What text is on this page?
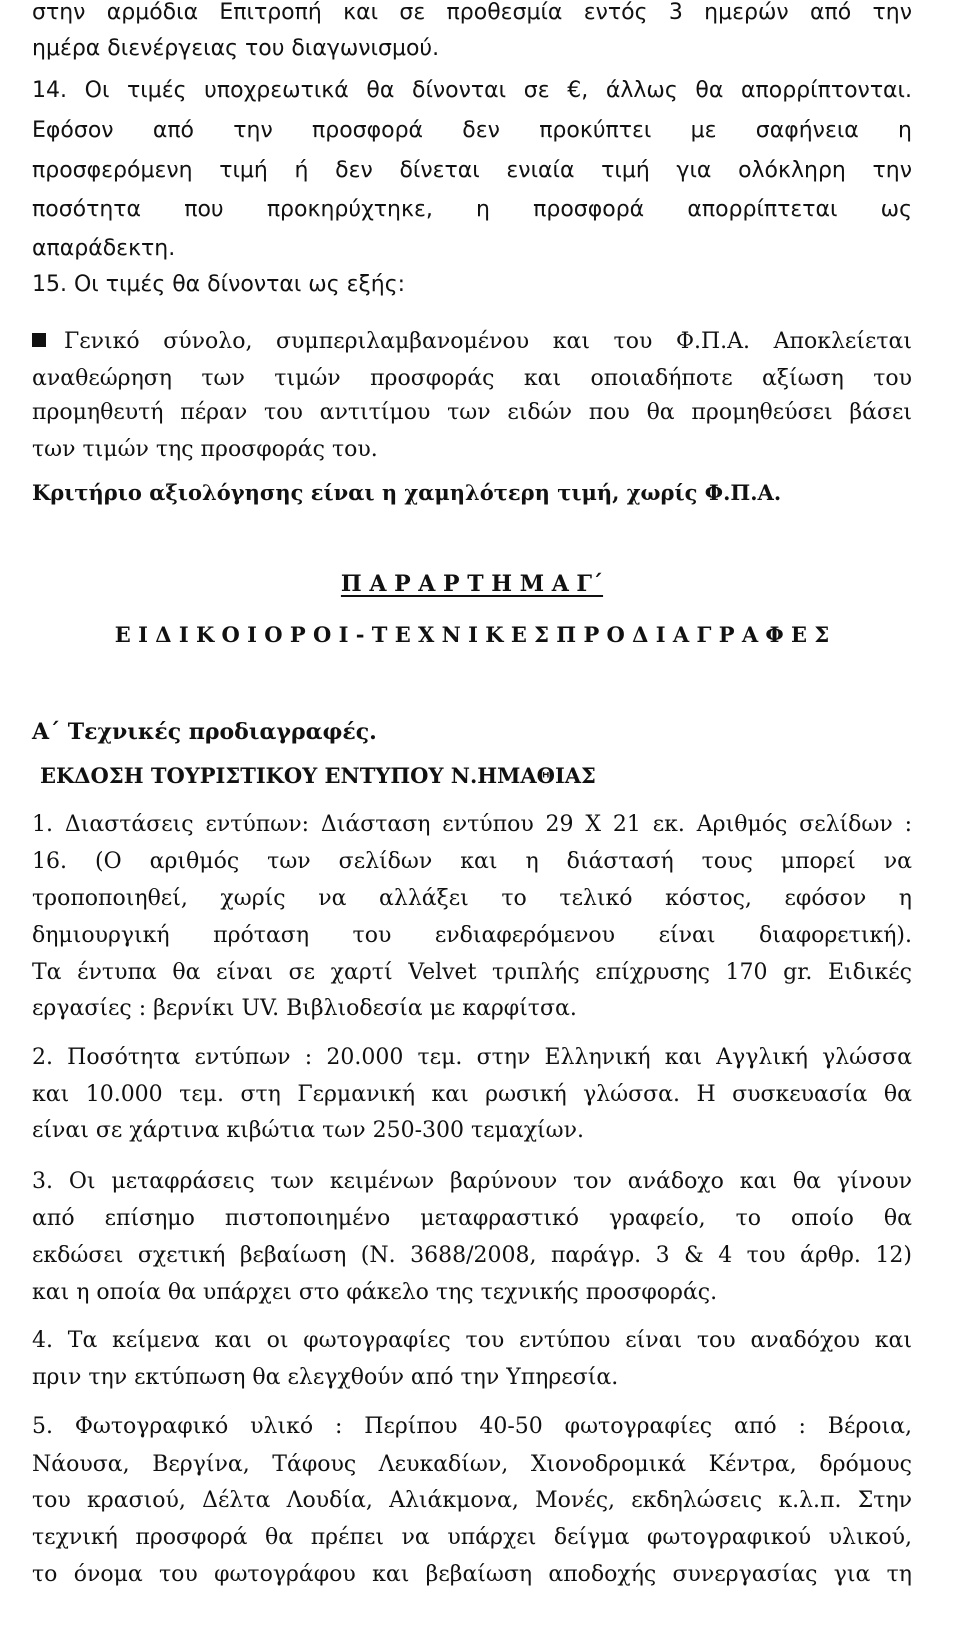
στην αρμόδια Επιτροπή και σε προθεσμία εντός 3 ημερών από την
ημέρα διενέργειας του διαγωνισμού.
14. Οι τιμές υποχρεωτικά θα δίνονται σε €, άλλως θα απορρίπτονται.
Εφόσον από την προσφορά δεν προκύπτει με σαφήνεια η
προσφερόμενη τιμή ή δεν δίνεται ενιαία τιμή για ολόκληρη την
ποσότητα που προκηρύχτηκε, η προσφορά απορρίπτεται ως
απαράδεκτη.
15. Οι τιμές θα δίνονται ως εξής:
Γενικό σύνολο, συμπεριλαμβανομένου και του Φ.Π.Α. Αποκλείεται
αναθεώρηση των τιμών προσφοράς και οποιαδήποτε αξίωση του
προμηθευτή πέραν του αντιτίμου των ειδών που θα προμηθεύσει βάσει
των τιμών της προσφοράς του.
Κριτήριο αξιολόγησης είναι η χαμηλότερη τιμή, χωρίς Φ.Π.Α.
Π Α Ρ Α Ρ Τ Η Μ Α Γ΄
Ε Ι Δ Ι Κ Ο Ι Ο Ρ Ο Ι - Τ Ε Χ Ν Ι Κ Ε Σ Π Ρ Ο Δ Ι Α Γ Ρ Α Φ Ε Σ
Α΄ Τεχνικές προδιαγραφές.
ΕΚΔΟΣΗ ΤΟΥΡΙΣΤΙΚΟΥ ΕΝΤΥΠΟΥ Ν.ΗΜΑΘΙΑΣ
1. Διαστάσεις εντύπων: Διάσταση εντύπου 29 Χ 21 εκ. Αριθμός σελίδων :
16. (Ο αριθμός των σελίδων και η διάστασή τους μπορεί να
τροποποιηθεί, χωρίς να αλλάξει το τελικό κόστος, εφόσον η
δημιουργική πρόταση του ενδιαφερόμενου είναι διαφορετική).
Τα έντυπα θα είναι σε χαρτί Velvet τριπλής επίχρυσης 170 gr. Ειδικές
εργασίες : βερνίκι UV. Βιβλιοδεσία με καρφίτσα.
2. Ποσότητα εντύπων : 20.000 τεμ. στην Ελληνική και Αγγλική γλώσσα
και 10.000 τεμ. στη Γερμανική και ρωσική γλώσσα. Η συσκευασία θα
είναι σε χάρτινα κιβώτια των 250-300 τεμαχίων.
3. Οι μεταφράσεις των κειμένων βαρύνουν τον ανάδοχο και θα γίνουν
από επίσημο πιστοποιημένο μεταφραστικό γραφείο, το οποίο θα
εκδώσει σχετική βεβαίωση (Ν. 3688/2008, παράγρ. 3 & 4 του άρθρ. 12)
και η οποία θα υπάρχει στο φάκελο της τεχνικής προσφοράς.
4. Τα κείμενα και οι φωτογραφίες του εντύπου είναι του αναδόχου και
πριν την εκτύπωση θα ελεγχθούν από την Υπηρεσία.
5. Φωτογραφικό υλικό : Περίπου 40-50 φωτογραφίες από : Βέροια,
Νάουσα, Βεργίνα, Τάφους Λευκαδίων, Χιονοδρομικά Κέντρα, δρόμους
του κρασιού, Δέλτα Λουδία, Αλιάκμονα, Μονές, εκδηλώσεις κ.λ.π. Στην
τεχνική προσφορά θα πρέπει να υπάρχει δείγμα φωτογραφικού υλικού,
το όνομα του φωτογράφου και βεβαίωση αποδοχής συνεργασίας για τη
